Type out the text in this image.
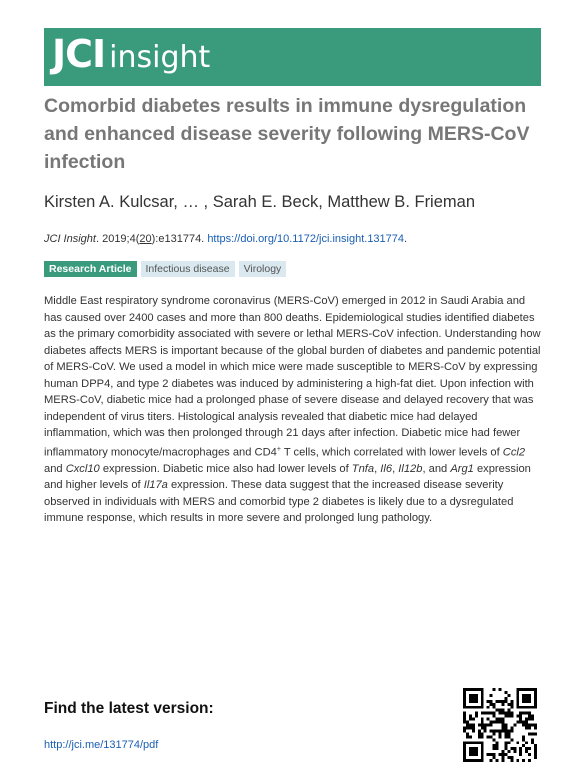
JCI insight
Comorbid diabetes results in immune dysregulation and enhanced disease severity following MERS-CoV infection
Kirsten A. Kulcsar, … , Sarah E. Beck, Matthew B. Frieman
JCI Insight. 2019;4(20):e131774. https://doi.org/10.1172/jci.insight.131774.
Research Article	Infectious disease	Virology

Middle East respiratory syndrome coronavirus (MERS-CoV) emerged in 2012 in Saudi Arabia and has caused over 2400 cases and more than 800 deaths. Epidemiological studies identified diabetes as the primary comorbidity associated with severe or lethal MERS-CoV infection. Understanding how diabetes affects MERS is important because of the global burden of diabetes and pandemic potential of MERS-CoV. We used a model in which mice were made susceptible to MERS-CoV by expressing human DPP4, and type 2 diabetes was induced by administering a high-fat diet. Upon infection with MERS-CoV, diabetic mice had a prolonged phase of severe disease and delayed recovery that was independent of virus titers. Histological analysis revealed that diabetic mice had delayed inflammation, which was then prolonged through 21 days after infection. Diabetic mice had fewer inflammatory monocyte/macrophages and CD4+ T cells, which correlated with lower levels of Ccl2 and Cxcl10 expression. Diabetic mice also had lower levels of Tnfa, Il6, Il12b, and Arg1 expression and higher levels of Il17a expression. These data suggest that the increased disease severity observed in individuals with MERS and comorbid type 2 diabetes is likely due to a dysregulated immune response, which results in more severe and prolonged lung pathology.

Find the latest version:
http://jci.me/131774/pdf
